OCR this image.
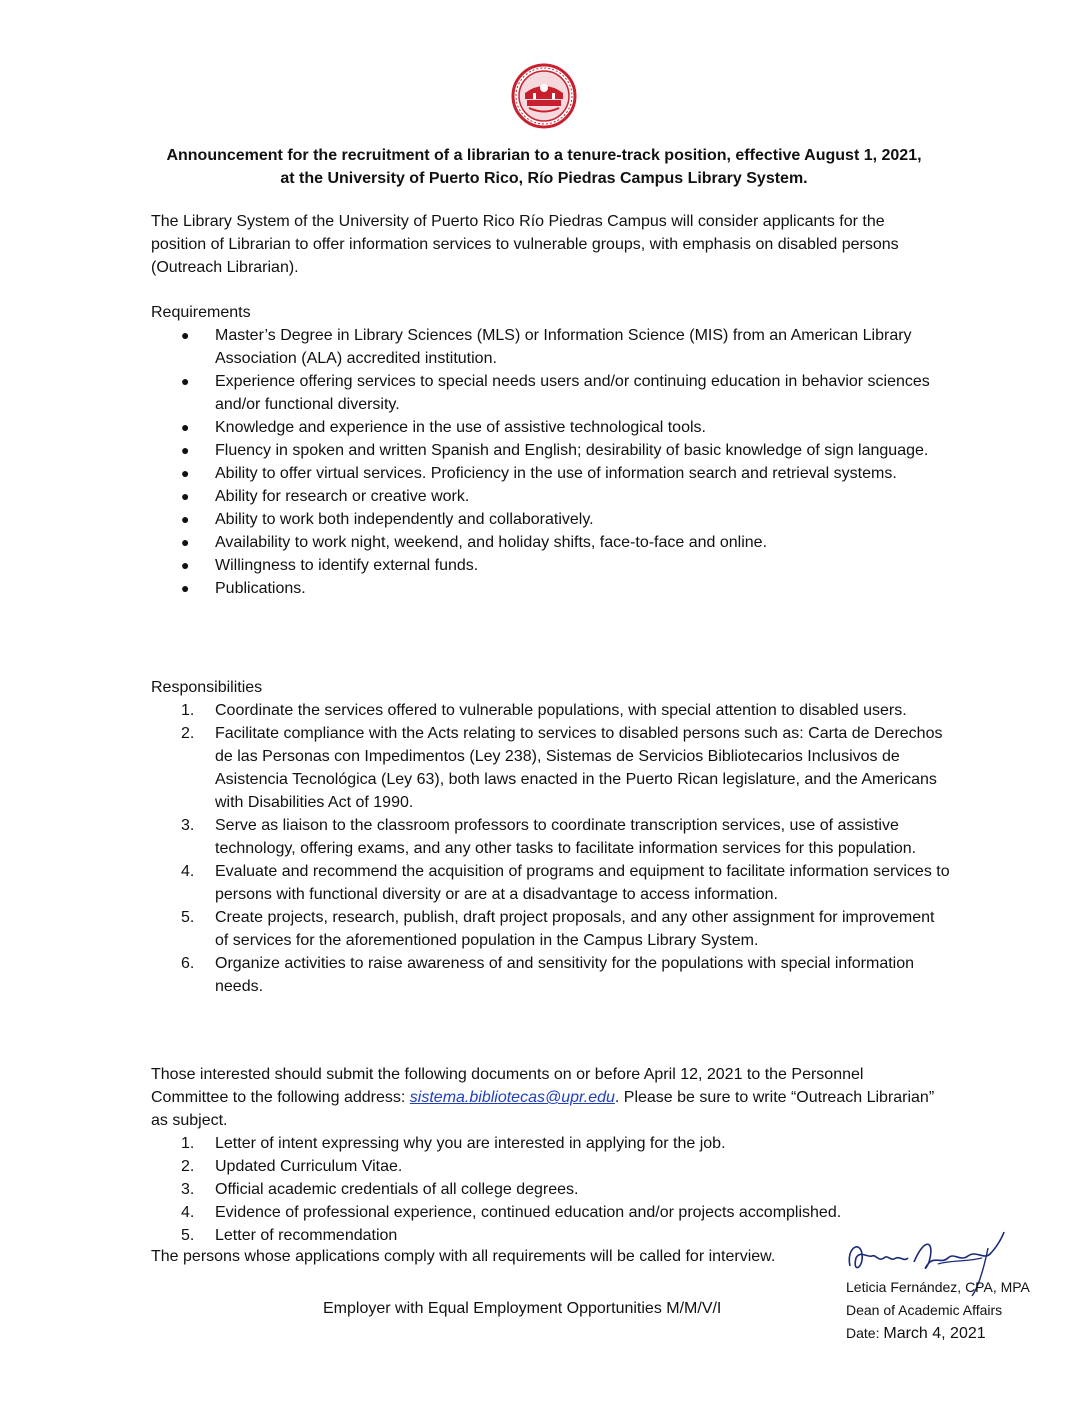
Announcement for the recruitment of a librarian to a tenure-track position, effective August 1, 2021,
at the University of Puerto Rico, Río Piedras Campus Library System.
The Library System of the University of Puerto Rico Río Piedras Campus will consider applicants for the position of Librarian to offer information services to vulnerable groups, with emphasis on disabled persons (Outreach Librarian).
Requirements
●	Master’s Degree in Library Sciences (MLS) or Information Science (MIS) from an American Library Association (ALA) accredited institution.
●	Experience offering services to special needs users and/or continuing education in behavior sciences and/or functional diversity.
●	Knowledge and experience in the use of assistive technological tools.
●	Fluency in spoken and written Spanish and English; desirability of basic knowledge of sign language.
●	Ability to offer virtual services. Proficiency in the use of information search and retrieval systems.
●	Ability for research or creative work.
●	Ability to work both independently and collaboratively.
●	Availability to work night, weekend, and holiday shifts, face-to-face and online.
●	Willingness to identify external funds.
●	Publications.
Responsibilities
1.	Coordinate the services offered to vulnerable populations, with special attention to disabled users.
2.	Facilitate compliance with the Acts relating to services to disabled persons such as: Carta de Derechos de las Personas con Impedimentos (Ley 238), Sistemas de Servicios Bibliotecarios Inclusivos de Asistencia Tecnológica (Ley 63), both laws enacted in the Puerto Rican legislature, and the Americans with Disabilities Act of 1990.
3.	Serve as liaison to the classroom professors to coordinate transcription services, use of assistive technology, offering exams, and any other tasks to facilitate information services for this population.
4.	Evaluate and recommend the acquisition of programs and equipment to facilitate information services to persons with functional diversity or are at a disadvantage to access information.
5.	Create projects, research, publish, draft project proposals, and any other assignment for improvement of services for the aforementioned population in the Campus Library System.
6.	Organize activities to raise awareness of and sensitivity for the populations with special information needs.
Those interested should submit the following documents on or before April 12, 2021 to the Personnel Committee to the following address: sistema.bibliotecas@upr.edu. Please be sure to write “Outreach Librarian” as subject.
1.	Letter of intent expressing why you are interested in applying for the job.
2.	Updated Curriculum Vitae.
3.	Official academic credentials of all college degrees.
4.	Evidence of professional experience, continued education and/or projects accomplished.
5.	Letter of recommendation
The persons whose applications comply with all requirements will be called for interview.
Employer with Equal Employment Opportunities M/M/V/I
Leticia Fernández, CPA, MPA
Dean of Academic Affairs
Date: March 4, 2021
